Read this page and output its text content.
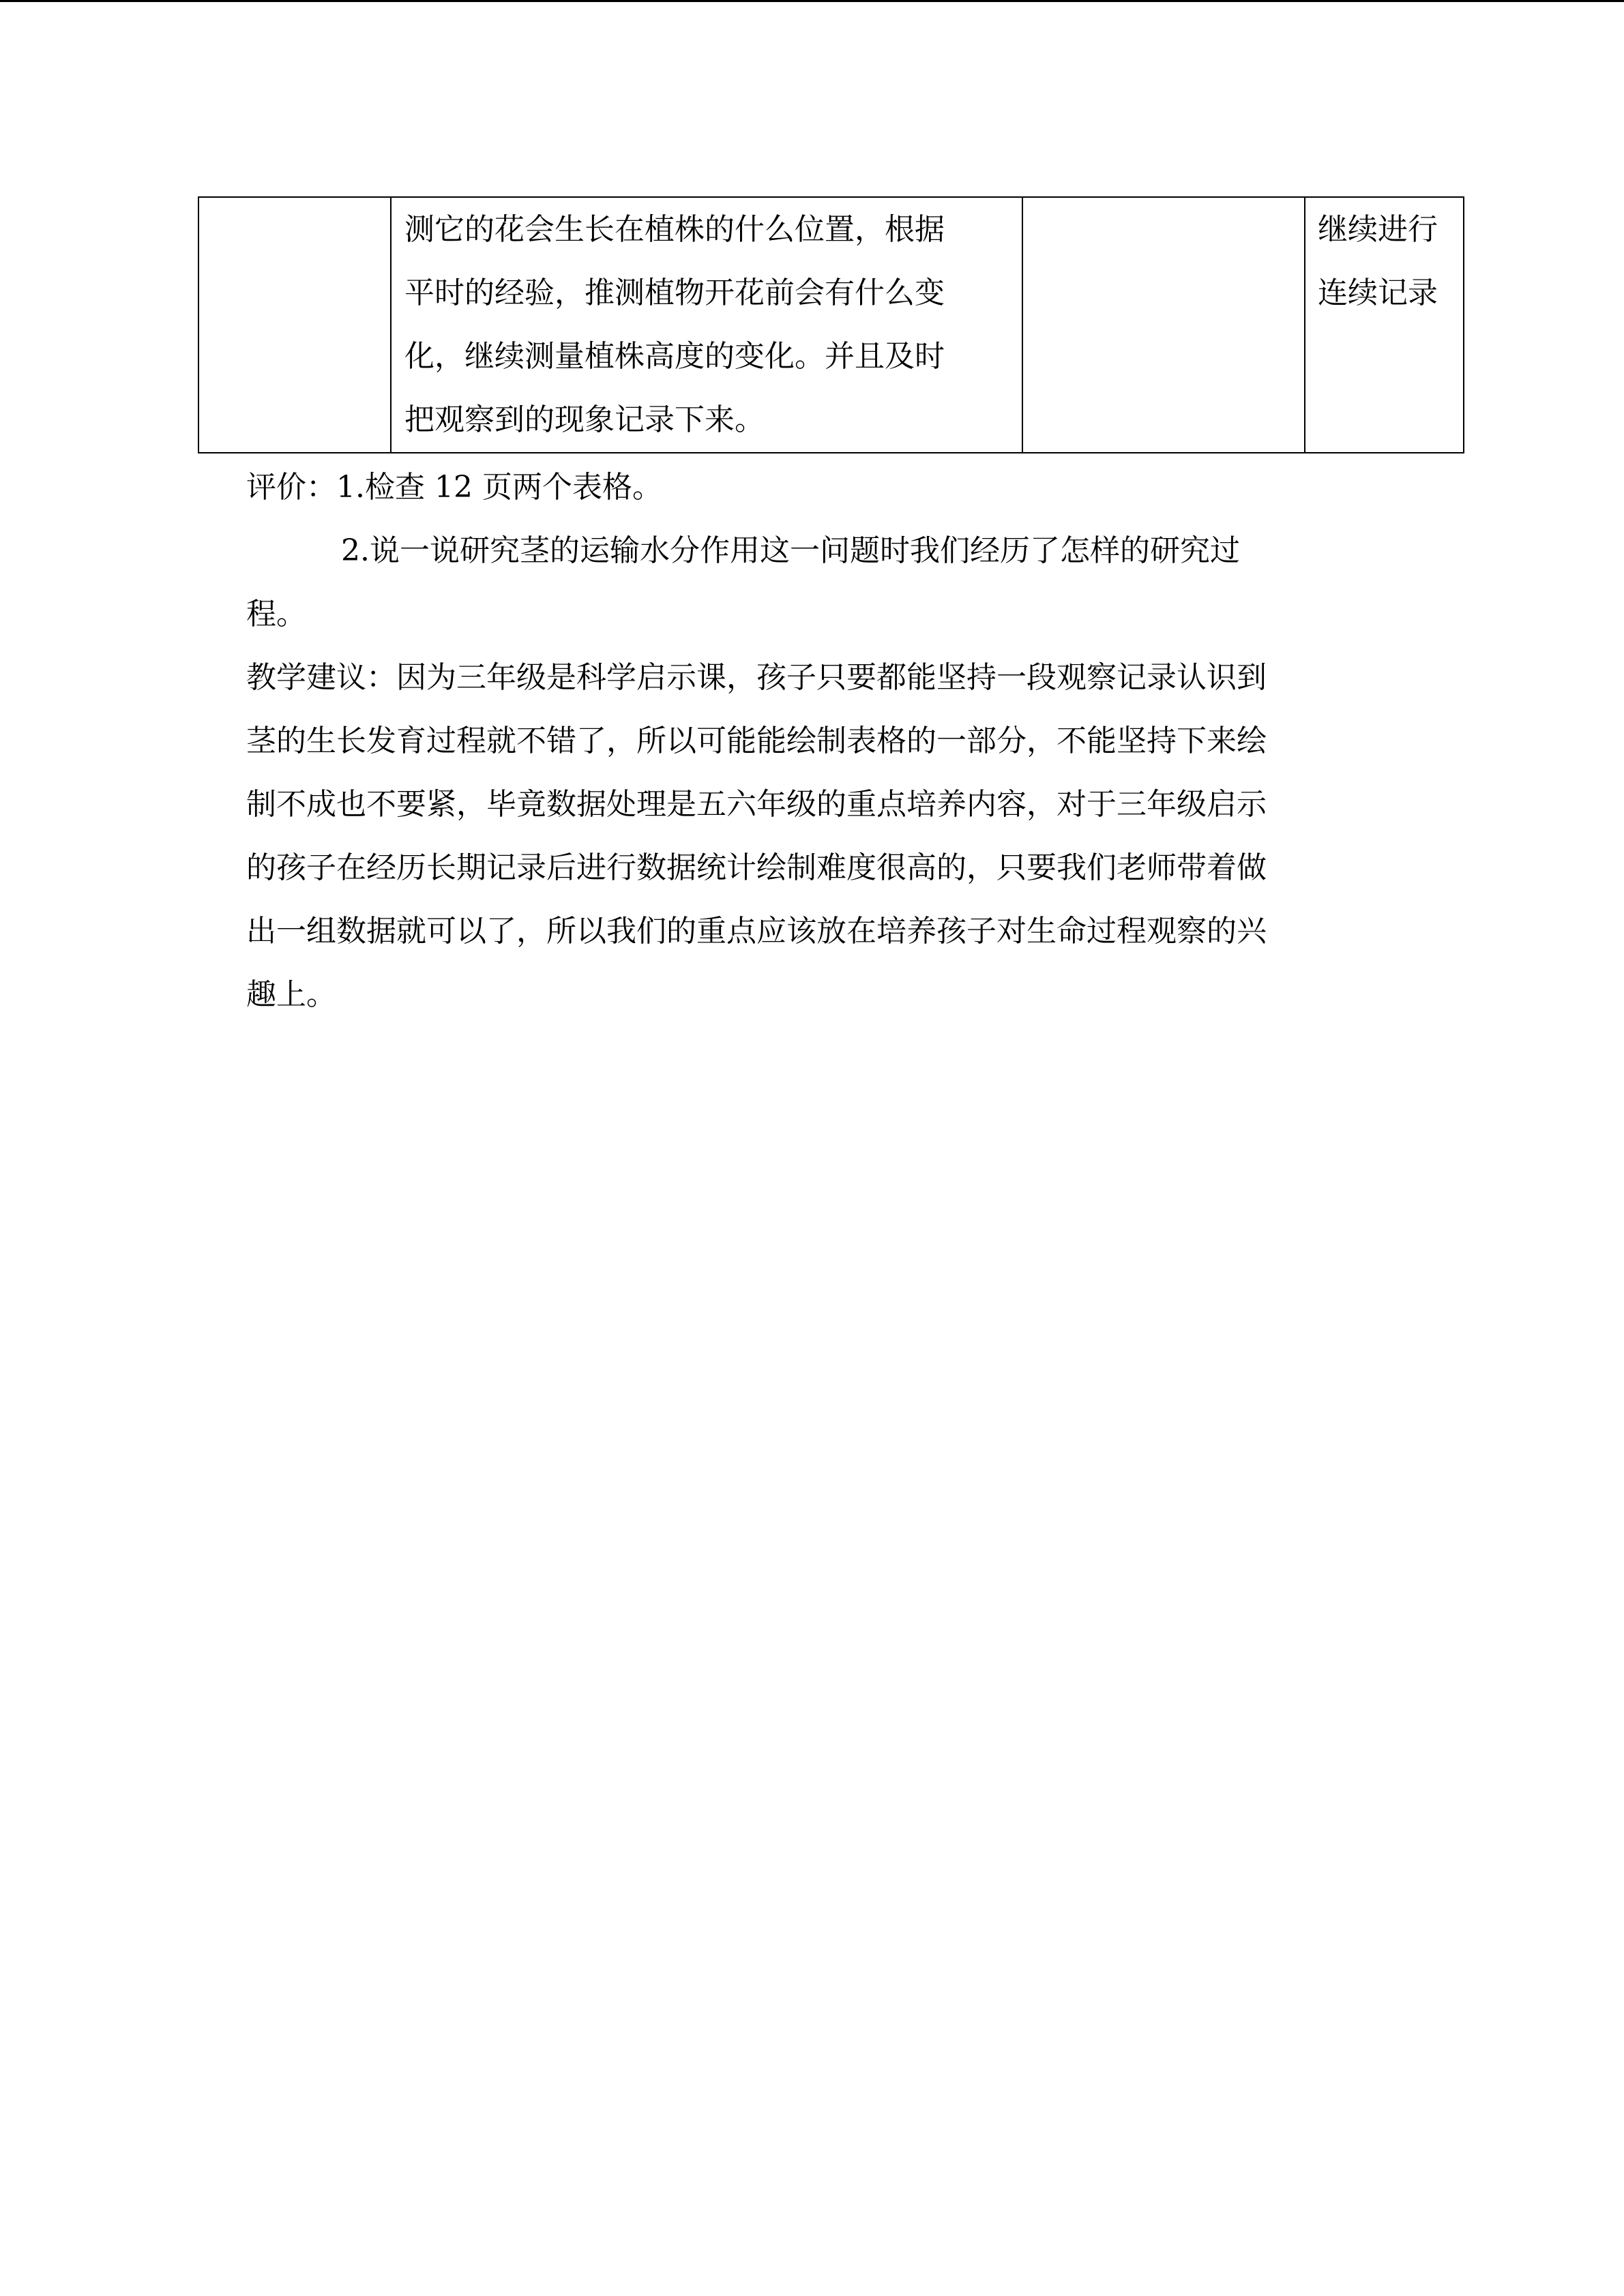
测它的花会生长在植株的什么位置，根据
平时的经验，推测植物开花前会有什么变
化，继续测量植株高度的变化。并且及时
把观察到的现象记录下来。
继续进行
连续记录
评价：1.检查 12 页两个表格。
2.说一说研究茎的运输水分作用这一问题时我们经历了怎样的研究过
程。
教学建议：因为三年级是科学启示课，孩子只要都能坚持一段观察记录认识到
茎的生长发育过程就不错了，所以可能能绘制表格的一部分，不能坚持下来绘
制不成也不要紧，毕竟数据处理是五六年级的重点培养内容，对于三年级启示
的孩子在经历长期记录后进行数据统计绘制难度很高的，只要我们老师带着做
出一组数据就可以了，所以我们的重点应该放在培养孩子对生命过程观察的兴
趣上。
